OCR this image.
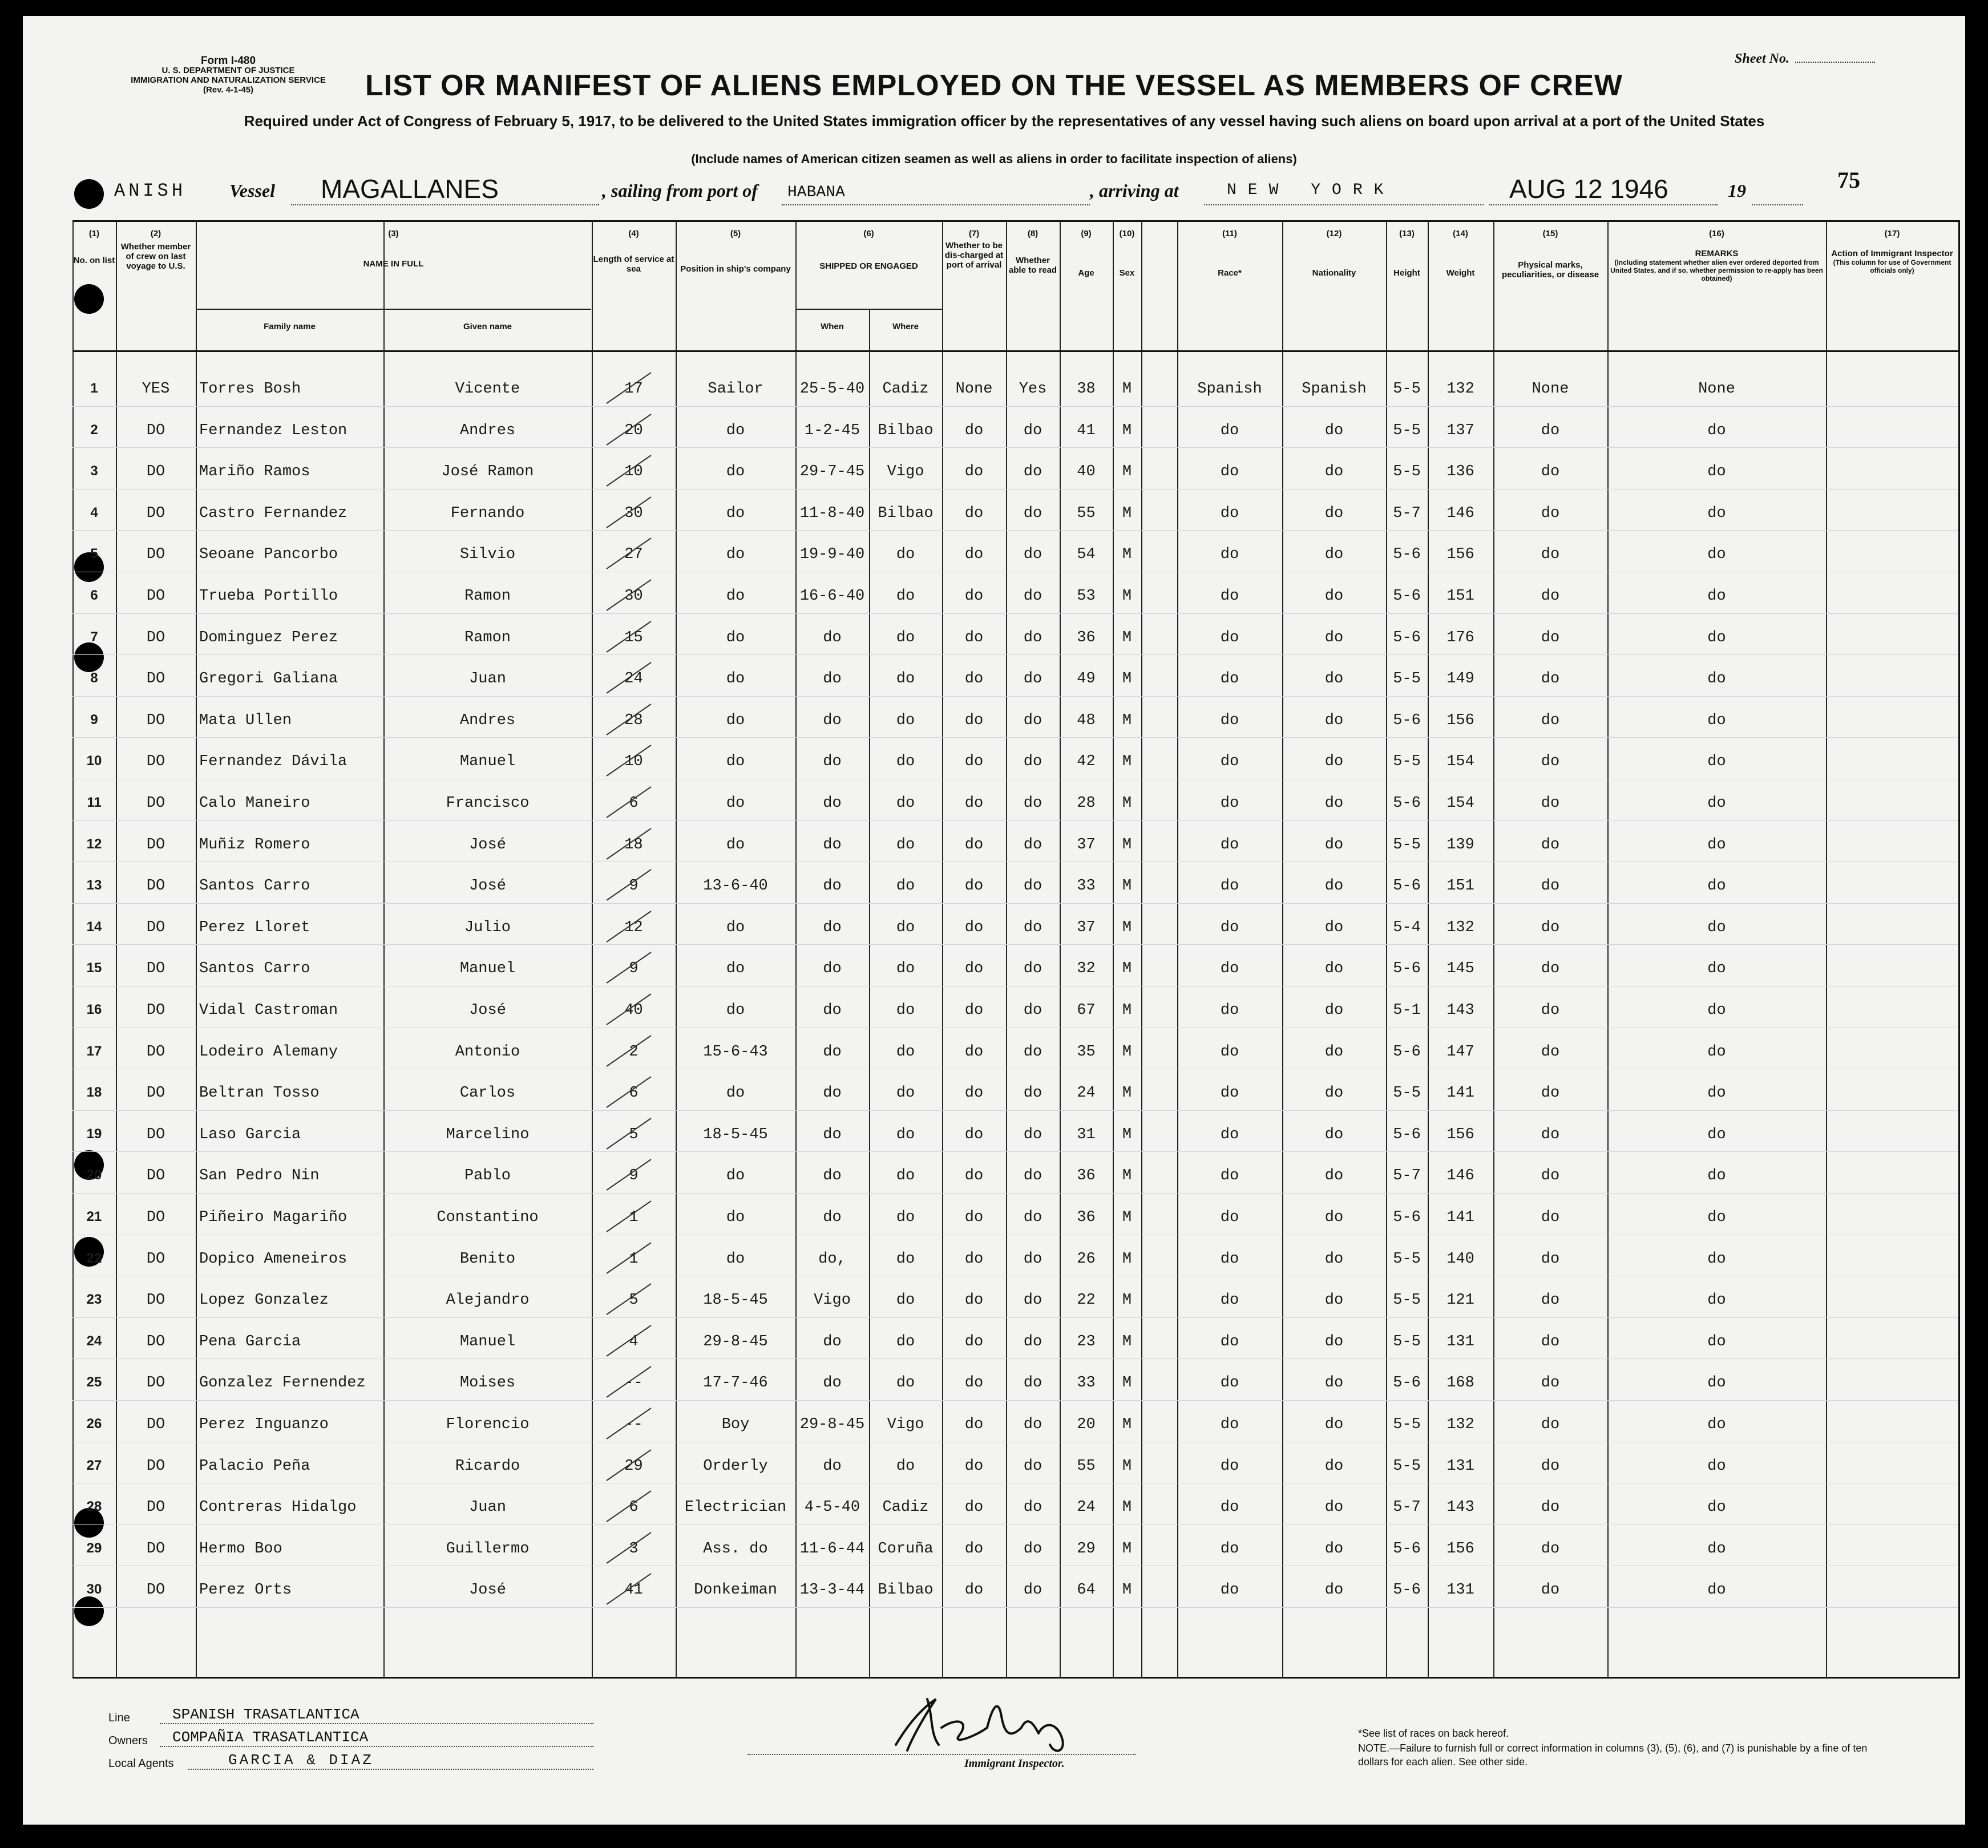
Form I-480
U. S. DEPARTMENT OF JUSTICE
IMMIGRATION AND NATURALIZATION SERVICE
(Rev. 4-1-45)
Sheet No.
LIST OR MANIFEST OF ALIENS EMPLOYED ON THE VESSEL AS MEMBERS OF CREW
Required under Act of Congress of February 5, 1917, to be delivered to the United States immigration officer by the representatives of any vessel having such aliens on board upon arrival at a port of the United States
(Include names of American citizen seamen as well as aliens in order to facilitate inspection of aliens)
ANISH Vessel MAGALLANES	, sailing from port of HABANA	, arriving at	NEW YORK	AUG 12 1946	19	75
(1)
No. on list
(2)
Whether member of crew on last voyage to U.S.
(3)
NAME IN FULL
Family name	Given name
(4)
Length of service at sea
(5)
Position in ship's company
(6)
SHIPPED OR ENGAGED
When	Where
(7)
Whether to be dis-charged at port of arrival
(8)
Whether able to read
(9)
Age
(10)
Sex
(11)
Race*
(12)
Nationality
(13)
Height
(14)
Weight
(15)
Physical marks, peculiarities, or disease
(16)
REMARKS
(Including statement whether alien ever ordered deported from United States, and if so, whether permission to re-apply has been obtained)
(17)
Action of Immigrant Inspector
(This column for use of Government officials only)
1	YES	Torres Bosh	Vicente	17	Sailor	25-5-40	Cadiz	None	Yes	38	M	Spanish	Spanish	5-5	132	None	None
2	DO	Fernandez Leston	Andres	20	do	1-2-45	Bilbao	do	do	41	M	do	do	5-5	137	do	do
3	DO	Mariño Ramos	José Ramon	10	do	29-7-45	Vigo	do	do	40	M	do	do	5-5	136	do	do
4	DO	Castro Fernandez	Fernando	30	do	11-8-40 Bilbao	do	do	55	M	do	do	5-7	146	do	do
5	DO	Seoane Pancorbo	Silvio	27	do	19-9-40	do	do	do	54	M	do	do	5-6	156	do	do
6	DO	Trueba Portillo	Ramon	30	do	16-6-40	do	do	do	53	M	do	do	5-6	151	do	do
7	DO	Dominguez Perez	Ramon	15	do	do	do	do	do	36	M	do	do	5-6	176	do	do
8	DO	Gregori Galiana	Juan	24	do	do	do	do	do	49	M	do	do	5-5	149	do	do
9	DO	Mata Ullen	Andres	28	do	do	do	do	do	48	M	do	do	5-6	156	do	do
10	DO	Fernandez Dávila	Manuel	10	do	do	do	do	do	42	M	do	do	5-5	154	do	do
11	DO	Calo Maneiro	Francisco	6	do	do	do	do	do	28	M	do	do	5-6	154	do	do
12	DO	Muñiz Romero	José	18	do	do	do	do	do	37	M	do	do	5-5	139	do	do
13	DO	Santos Carro	José	9	13-6-40	do	do	do	do	33	M	do	do	5-6	151	do	do
14	DO	Perez Lloret	Julio	12	do	do	do	do	do	37	M	do	do	5-4	132	do	do
15	DO	Santos Carro	Manuel	9	do	do	do	do	do	32	M	do	do	5-6	145	do	do
16	DO	Vidal Castroman	José	40	do	do	do	do	do	67	M	do	do	5-1	143	do	do
17	DO	Lodeiro Alemany	Antonio	2	15-6-43	do	do	do	do	35	M	do	do	5-6	147	do	do
18	DO	Beltran Tosso	Carlos	6	do	do	do	do	do	24	M	do	do	5-5	141	do	do
19	DO	Laso Garcia	Marcelino	5	18-5-45	do	do	do	do	31	M	do	do	5-6	156	do	do
20	DO	San Pedro Nin	Pablo	9	do	do	do	do	do	36	M	do	do	5-7	146	do	do
21	DO	Piñeiro Magariño	Constantino	1	do	do	do	do	do	36	M	do	do	5-6	141	do	do
22	DO	Dopico Ameneiros	Benito	1	do	do,	do	do	do	26	M	do	do	5-5	140	do	do
23	DO	Lopez Gonzalez	Alejandro	5	18-5-45	Vigo	do	do	do	22	M	do	do	5-5	121	do	do
24	DO	Pena Garcia	Manuel	4	29-8-45	do	do	do	do	23	M	do	do	5-5	131	do	do
25	DO	Gonzalez Fernendez	Moises	--	17-7-46	do	do	do	do	33	M	do	do	5-6	168	do	do
26	DO	Perez Inguanzo	Florencio	--	Boy	29-8-45	Vigo	do	do	20	M	do	do	5-5	132	do	do
27	DO	Palacio Peña	Ricardo	29	Orderly	do	do	do	do	55	M	do	do	5-5	131	do	do
28	DO	Contreras Hidalgo	Juan	6	Electrician	4-5-40	Cadiz	do	do	24	M	do	do	5-7	143	do	do
29	DO	Hermo Boo	Guillermo	3	Ass. do	11-6-44 Coruña	do	do	29	M	do	do	5-6	156	do	do
30	DO	Perez Orts	José	41	Donkeiman	13-3-44 Bilbao	do	do	64	M	do	do	5-6	131	do	do
Line	SPANISH TRASATLANTICA
Owners COMPAÑIA TRASATLANTICA
Local Agents	GARCIA & DIAZ	Immigrant Inspector.
*See list of races on back hereof.
NOTE.—Failure to furnish full or correct information in columns (3), (5), (6), and (7) is punishable by a fine of ten dollars for each alien. See other side.
